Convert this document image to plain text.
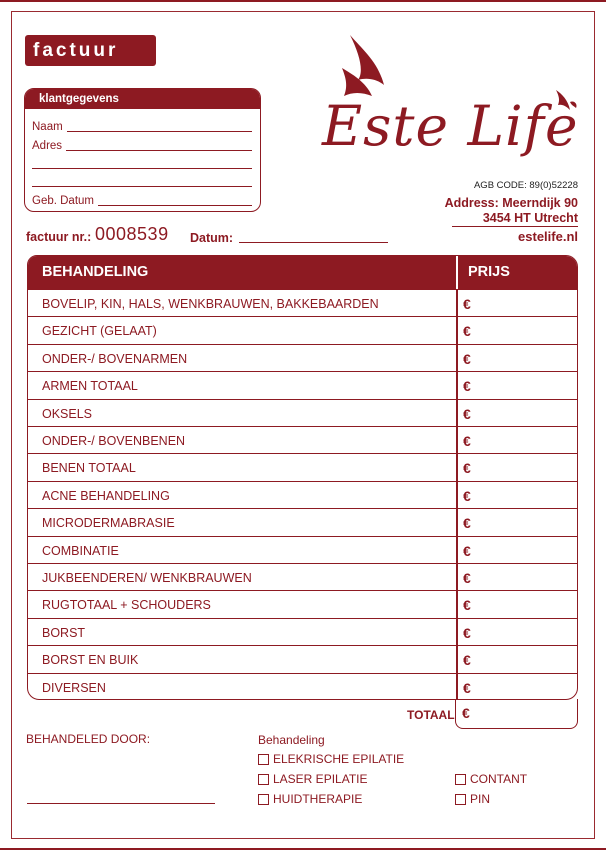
factuur
klantgegevens
Naam
Adres
Geb. Datum
Este Life
AGB CODE: 89(0)52228
Address: Meerndijk 90
3454 HT Utrecht
estelife.nl
factuur nr.: 0008539 Datum:
BEHANDELING	PRIJS
BOVELIP, KIN, HALS, WENKBRAUWEN, BAKKEBAARDEN	€
GEZICHT (GELAAT)	€
ONDER-/ BOVENARMEN	€
ARMEN TOTAAL	€
OKSELS	€
ONDER-/ BOVENBENEN	€
BENEN TOTAAL	€
ACNE BEHANDELING	€
MICRODERMABRASIE	€
COMBINATIE	€
JUKBEENDEREN/ WENKBRAUWEN	€
RUGTOTAAL + SCHOUDERS	€
BORST	€
BORST EN BUIK	€
DIVERSEN	€
TOTAAL €
BEHANDELED DOOR:	Behandeling
ELEKRISCHE EPILATIE
LASER EPILATIE
HUIDTHERAPIE
CONTANT
PIN
